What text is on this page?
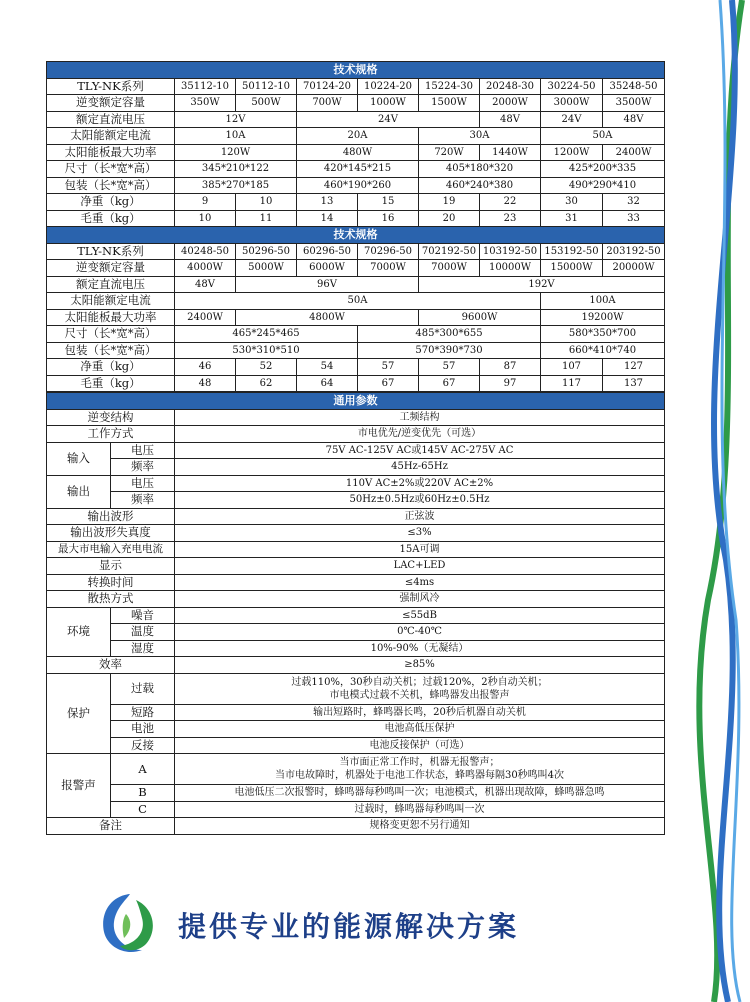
技术规格								
TLY-NK系列	35112-10	50112-10	70124-20	10224-20	15224-30	20248-30	30224-50	35248-50
逆变额定容量	350W	500W	700W	1000W	1500W	2000W	3000W	3500W
额定直流电压	12V		24V			48V	24V	48V
太阳能额定电流	10A		20A		30A		50A	
太阳能板最大功率	120W		480W		720W	1440W	1200W	2400W
尺寸（长*宽*高）	345*210*122		420*145*215		405*180*320		425*200*335	
包装（长*宽*高）	385*270*185		460*190*260		460*240*380		490*290*410	
净重（kg）	9	10	13	15	19	22	30	32
毛重（kg）	10	11	14	16	20	23	31	33
技术规格								
TLY-NK系列	40248-50	50296-50	60296-50	70296-50	702192-50	103192-50	153192-50	203192-50
逆变额定容量	4000W	5000W	6000W	7000W	7000W	10000W	15000W	20000W
额定直流电压	48V	96V			192V			
太阳能额定电流	50A						100A	
太阳能板最大功率	2400W	4800W			9600W		19200W	
尺寸（长*宽*高）	465*245*465			485*300*655			580*350*700	
包装（长*宽*高）	530*310*510			570*390*730			660*410*740	
净重（kg）	46	52	54	57	57	87	107	127
毛重（kg）	48	62	64	67	67	97	117	137
通用参数		
逆变结构		工频结构
工作方式		市电优先/逆变优先（可选）
输入	电压	75V AC-125V AC或145V AC-275V AC
	频率	45Hz-65Hz
输出	电压	110V AC±2%或220V AC±2%
	频率	50Hz±0.5Hz或60Hz±0.5Hz
输出波形		正弦波
输出波形失真度		≤3%
最大市电输入充电电流		15A可调
显示		LAC+LED
转换时间		≤4ms
散热方式		强制风冷
环境	噪音	≤55dB
	温度	0℃-40℃
	湿度	10%-90%（无凝结）
效率		≥85%
保护	过载	过载110%，30秒自动关机；过载120%，2秒自动关机；
市电模式过载不关机，蜂鸣器发出报警声

	短路	输出短路时，蜂鸣器长鸣，20秒后机器自动关机
	电池	电池高低压保护
	反接	电池反接保护（可选）
报警声	A	当市面正常工作时，机器无报警声；
当市电故障时，机器处于电池工作状态，蜂鸣器每隔30秒鸣叫4次

	B	电池低压二次报警时，蜂鸣器每秒鸣叫一次；电池模式，机器出现故障，蜂鸣器急鸣
	C	过载时，蜂鸣器每秒鸣叫一次
备注		规格变更恕不另行通知
提供专业的能源解决方案
